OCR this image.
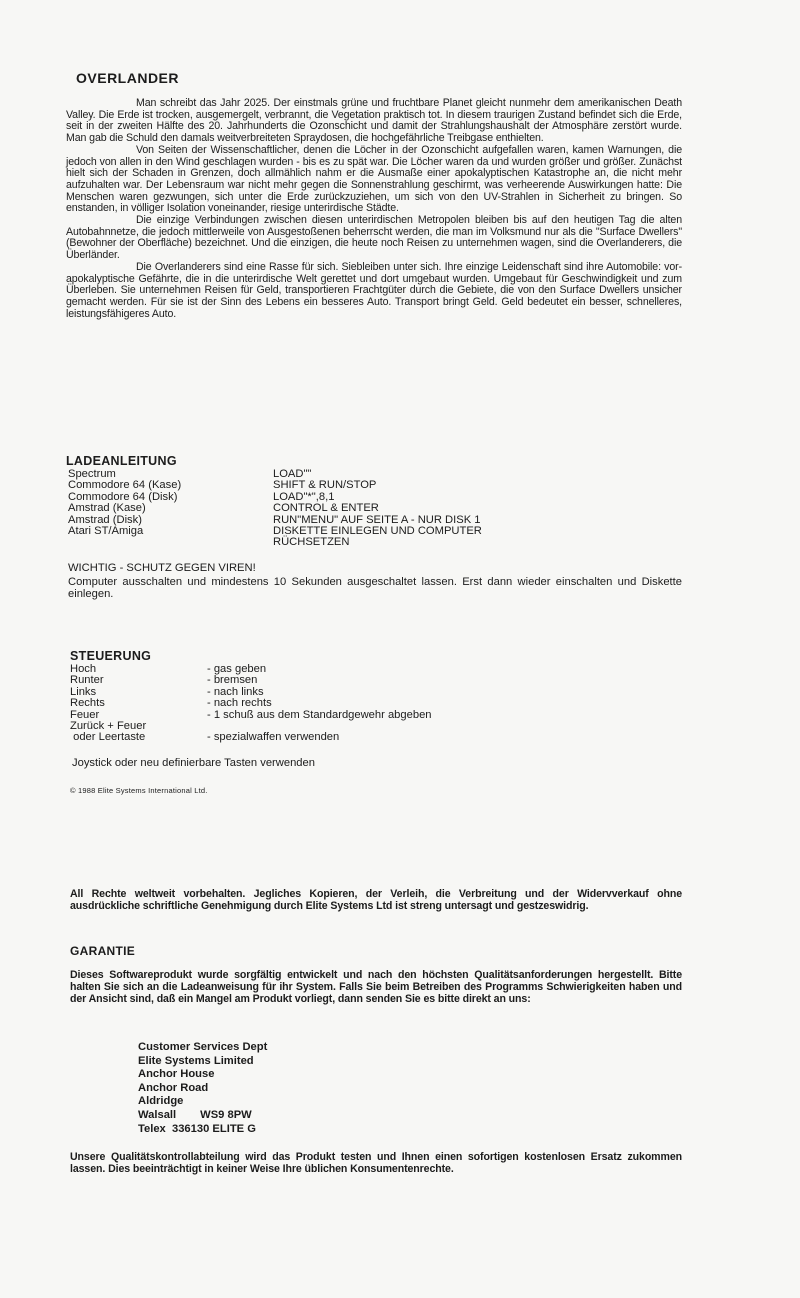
OVERLANDER

Man schreibt das Jahr 2025. Der einstmals grüne und fruchtbare Planet gleicht nunmehr dem amerikanischen Death Valley. Die Erde ist trocken, ausgemergelt, verbrannt, die Vegetation praktisch tot. In diesem traurigen Zustand befindet sich die Erde, seit in der zweiten Hälfte des 20. Jahrhunderts die Ozonschicht und damit der Strahlungshaushalt der Atmosphäre zerstört wurde. Man gab die Schuld den damals weitverbreiteten Spraydosen, die hochgefährliche Treibgase enthielten.

Von Seiten der Wissenschaftlicher, denen die Löcher in der Ozonschicht aufgefallen waren, kamen Warnungen, die jedoch von allen in den Wind geschlagen wurden - bis es zu spät war. Die Löcher waren da und wurden größer und größer. Zunächst hielt sich der Schaden in Grenzen, doch allmählich nahm er die Ausmaße einer apokalyptischen Katastrophe an, die nicht mehr aufzuhalten war. Der Lebensraum war nicht mehr gegen die Sonnenstrahlung geschirmt, was verheerende Auswirkungen hatte: Die Menschen waren gezwungen, sich unter die Erde zurückzuziehen, um sich von den UV-Strahlen in Sicherheit zu bringen. So enstanden, in völliger Isolation voneinander, riesige unterirdische Städte.

Die einzige Verbindungen zwischen diesen unterirdischen Metropolen bleiben bis auf den heutigen Tag die alten Autobahnnetze, die jedoch mittlerweile von Ausgestoßenen beherrscht werden, die man im Volksmund nur als die "Surface Dwellers" (Bewohner der Oberfläche) bezeichnet. Und die einzigen, die heute noch Reisen zu unternehmen wagen, sind die Overlanderers, die Überländer.

Die Overlanderers sind eine Rasse für sich. Siebleiben unter sich. Ihre einzige Leidenschaft sind ihre Automobile: vor-apokalyptische Gefährte, die in die unterirdische Welt gerettet und dort umgebaut wurden. Umgebaut für Geschwindigkeit und zum Überleben. Sie unternehmen Reisen für Geld, transportieren Frachtgüter durch die Gebiete, die von den Surface Dwellers unsicher gemacht werden. Für sie ist der Sinn des Lebens ein besseres Auto. Transport bringt Geld. Geld bedeutet ein besser, schnelleres, leistungsfähigeres Auto.

LADEANLEITUNG
Spectrum	LOAD""
Commodore 64 (Kase)	SHIFT & RUN/STOP
Commodore 64 (Disk)	LOAD"*",8,1
Amstrad (Kase)	CONTROL & ENTER
Amstrad (Disk)	RUN"MENU" AUF SEITE A - NUR DISK 1
Atari ST/Amiga	DISKETTE EINLEGEN UND COMPUTER
RÜCHSETZEN

WICHTIG - SCHUTZ GEGEN VIREN!

Computer ausschalten und mindestens 10 Sekunden ausgeschaltet lassen. Erst dann wieder einschalten und Diskette einlegen.

STEUERUNG
Hoch	- gas geben
Runter	- bremsen
Links	- nach links
Rechts	- nach rechts
Feuer	- 1 schuß aus dem Standardgewehr abgeben
Zurück + Feuer
oder Leertaste	- spezialwaffen verwenden

Joystick oder neu definierbare Tasten verwenden

© 1988 Elite Systems International Ltd.

All Rechte weltweit vorbehalten. Jegliches Kopieren, der Verleih, die Verbreitung und der Widervverkauf ohne ausdrückliche schriftliche Genehmigung durch Elite Systems Ltd ist streng untersagt und gestzeswidrig.

GARANTIE

Dieses Softwareprodukt wurde sorgfältig entwickelt und nach den höchsten Qualitätsanforderungen hergestellt. Bitte halten Sie sich an die Ladeanweisung für ihr System. Falls Sie beim Betreiben des Programms Schwierigkeiten haben und der Ansicht sind, daß ein Mangel am Produkt vorliegt, dann senden Sie es bitte direkt an uns:

Customer Services Dept
Elite Systems Limited
Anchor House
Anchor Road
Aldridge
Walsall WS9 8PW
Telex  336130 ELITE G

Unsere Qualitätskontrollabteilung wird das Produkt testen und Ihnen einen sofortigen kostenlosen Ersatz zukommen lassen. Dies beeinträchtigt in keiner Weise Ihre üblichen Konsumentenrechte.
